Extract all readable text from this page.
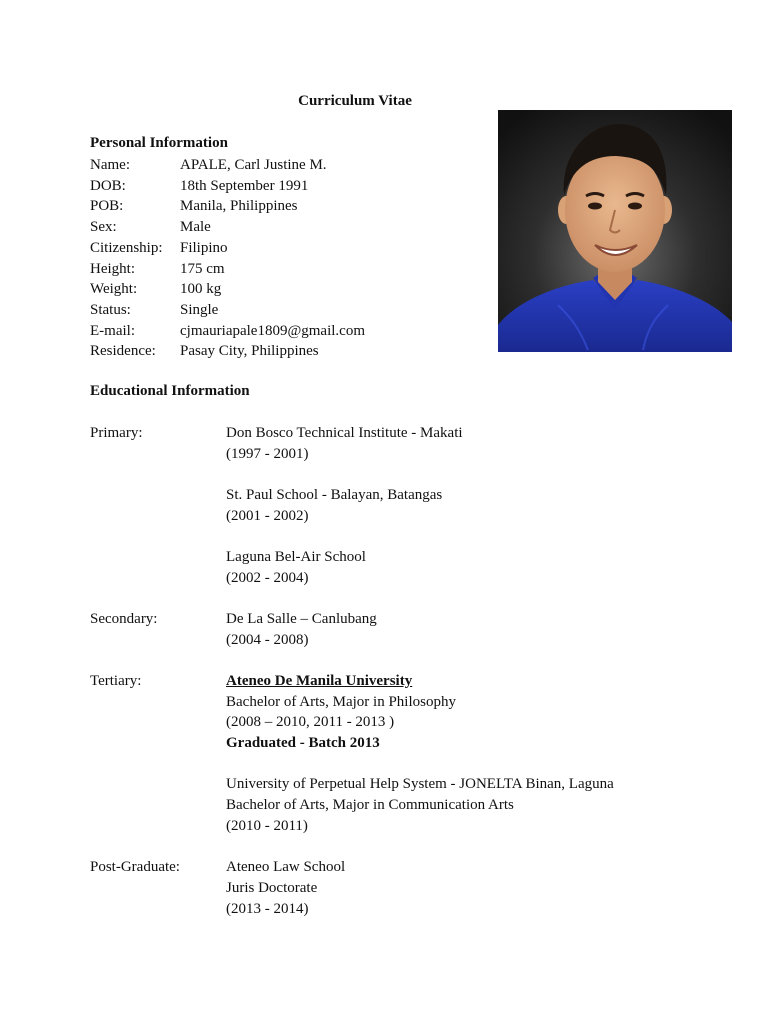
Curriculum Vitae
Personal Information
Name:	APALE, Carl Justine M.
DOB:	18th September 1991
POB:	Manila, Philippines
Sex:	Male
Citizenship: Filipino
Height:	175 cm
Weight:	100 kg
Status:	Single
E-mail:	cjmauriapale1809@gmail.com
Residence: Pasay City, Philippines
Educational Information
Primary:	Don Bosco Technical Institute - Makati
(1997 - 2001)
St. Paul School - Balayan, Batangas
(2001 - 2002)
Laguna Bel-Air School
(2002 - 2004)
Secondary:	De La Salle – Canlubang
(2004 - 2008)
Tertiary:	Ateneo De Manila University
Bachelor of Arts, Major in Philosophy
(2008 – 2010, 2011 - 2013 )
Graduated - Batch 2013
University of Perpetual Help System - JONELTA Binan, Laguna
Bachelor of Arts, Major in Communication Arts
(2010 - 2011)
Post-Graduate:	Ateneo Law School
Juris Doctorate
(2013 - 2014)
